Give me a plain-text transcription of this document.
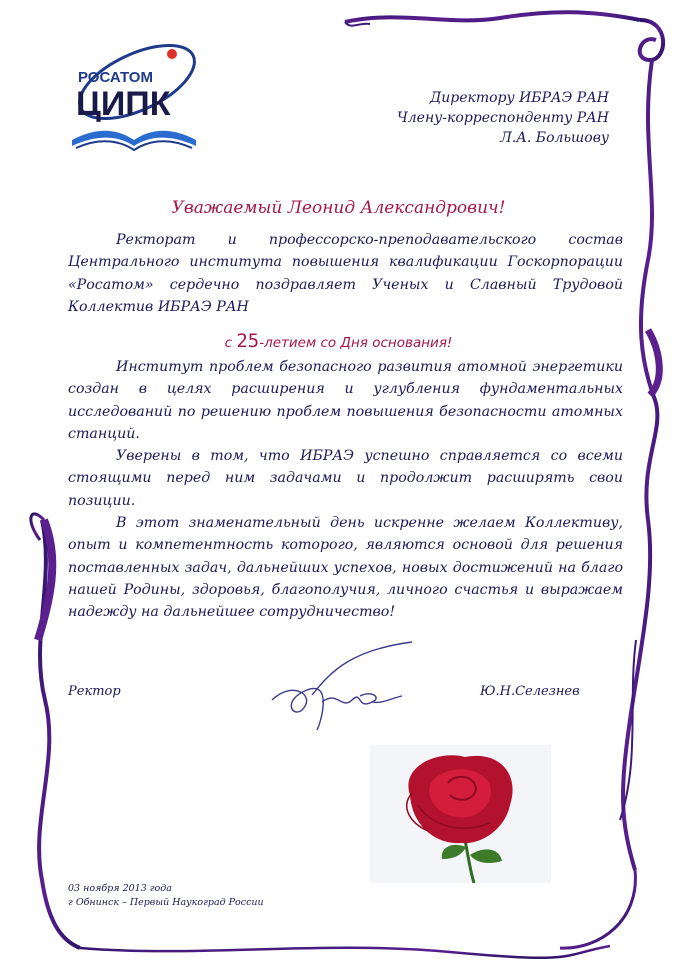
РОСАТОМ
ЦИПК	Директору ИБРАЭ РАН
Члену-корреспонденту РАН
Л.А. Большову
Уважаемый Леонид Александрович!

Ректорат и профессорско-преподавательского состав Центрального института повышения квалификации Госкорпорации «Росатом» сердечно поздравляет Ученых и Славный Трудовой Коллектив ИБРАЭ РАН

с 25-летием со Дня основания!

Институт проблем безопасного развития атомной энергетики создан в целях расширения и углубления фундаментальных исследований по решению проблем повышения безопасности атомных станций.

Уверены в том, что ИБРАЭ успешно справляется со всеми стоящими перед ним задачами и продолжит расширять свои позиции.

В этот знаменательный день искренне желаем Коллективу, опыт и компетентность которого, являются основой для решения поставленных задач, дальнейших успехов, новых достижений на благо нашей Родины, здоровья, благополучия, личного счастья и выражаем надежду на дальнейшее сотрудничество!

Ректор	Ю.Н.Селезнев
03 ноября 2013 года
г Обнинск – Первый Наукоград России
